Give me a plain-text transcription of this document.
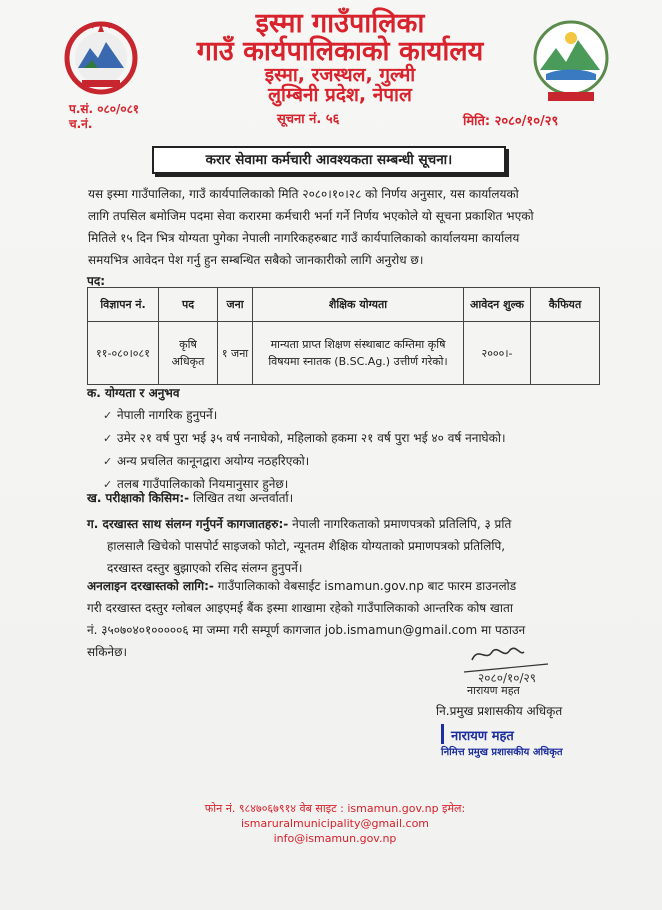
इस्मा गाउँपालिका
गाउँ कार्यपालिकाको कार्यालय
इस्मा, रजस्थल, गुल्मी
लुम्बिनी प्रदेश, नेपाल
प.सं. ०८०/०८१
च.नं.	सूचना नं. ५६	मिति: २०८०/१०/२९
करार सेवामा कर्मचारी आवश्यकता सम्बन्धी सूचना।
यस इस्मा गाउँपालिका, गाउँ कार्यपालिकाको मिति २०८०।१०।२८ को निर्णय अनुसार, यस कार्यालयको
लागि तपसिल बमोजिम पदमा सेवा करारमा कर्मचारी भर्ना गर्ने निर्णय भएकोले यो सूचना प्रकाशित भएको
मितिले १५ दिन भित्र योग्यता पुगेका नेपाली नागरिकहरुबाट गाउँ कार्यपालिकाको कार्यालयमा कार्यालय
समयभित्र आवेदन पेश गर्नु हुन सम्बन्धित सबैको जानकारीको लागि अनुरोध छ।
पद:
विज्ञापन नं.	पद	जना	शैक्षिक योग्यता	आवेदन शुल्क	कैफियत
११-०८०।०८१	कृषि अधिकृत	१ जना	मान्यता प्राप्त शिक्षण संस्थाबाट कम्तिमा कृषि विषयमा स्नातक (B.SC.Ag.) उत्तीर्ण गरेको।	२०००।-	
क. योग्यता र अनुभव
✓ नेपाली नागरिक हुनुपर्ने।
✓ उमेर २१ वर्ष पुरा भई ३५ वर्ष ननाघेको, महिलाको हकमा २१ वर्ष पुरा भई ४० वर्ष ननाघेको।
✓ अन्य प्रचलित कानूनद्वारा अयोग्य नठहरिएको।
✓ तलब गाउँपालिकाको नियमानुसार हुनेछ।
ख. परीक्षाको किसिम:- लिखित तथा अन्तर्वार्ता।
ग. दरखास्त साथ संलग्न गर्नुपर्ने कागजातहरु:- नेपाली नागरिकताको प्रमाणपत्रको प्रतिलिपि, ३ प्रति
हालसालै खिचेको पासपोर्ट साइजको फोटो, न्यूनतम शैक्षिक योग्यताको प्रमाणपत्रको प्रतिलिपि,
दरखास्त दस्तुर बुझाएको रसिद संलग्न हुनुपर्ने।
अनलाइन दरखास्तको लागि:- गाउँपालिकाको वेबसाईट ismamun.gov.np बाट फारम डाउनलोड
गरी दरखास्त दस्तुर ग्लोबल आइएमई बैंक इस्मा शाखामा रहेको गाउँपालिकाको आन्तरिक कोष खाता
नं. ३५०७०४०१०००००६ मा जम्मा गरी सम्पूर्ण कागजात job.ismamun@gmail.com मा पठाउन
सकिनेछ।
२०८०/१०/२९
नारायण महत
नि.प्रमुख प्रशासकीय अधिकृत
नारायण महत
निमित्त प्रमुख प्रशासकीय अधिकृत
फोन नं. ९८४७०६७९१४ वेब साइट : ismamun.gov.np इमेल: ismaruralmunicipality@gmail.com
info@ismamun.gov.np
